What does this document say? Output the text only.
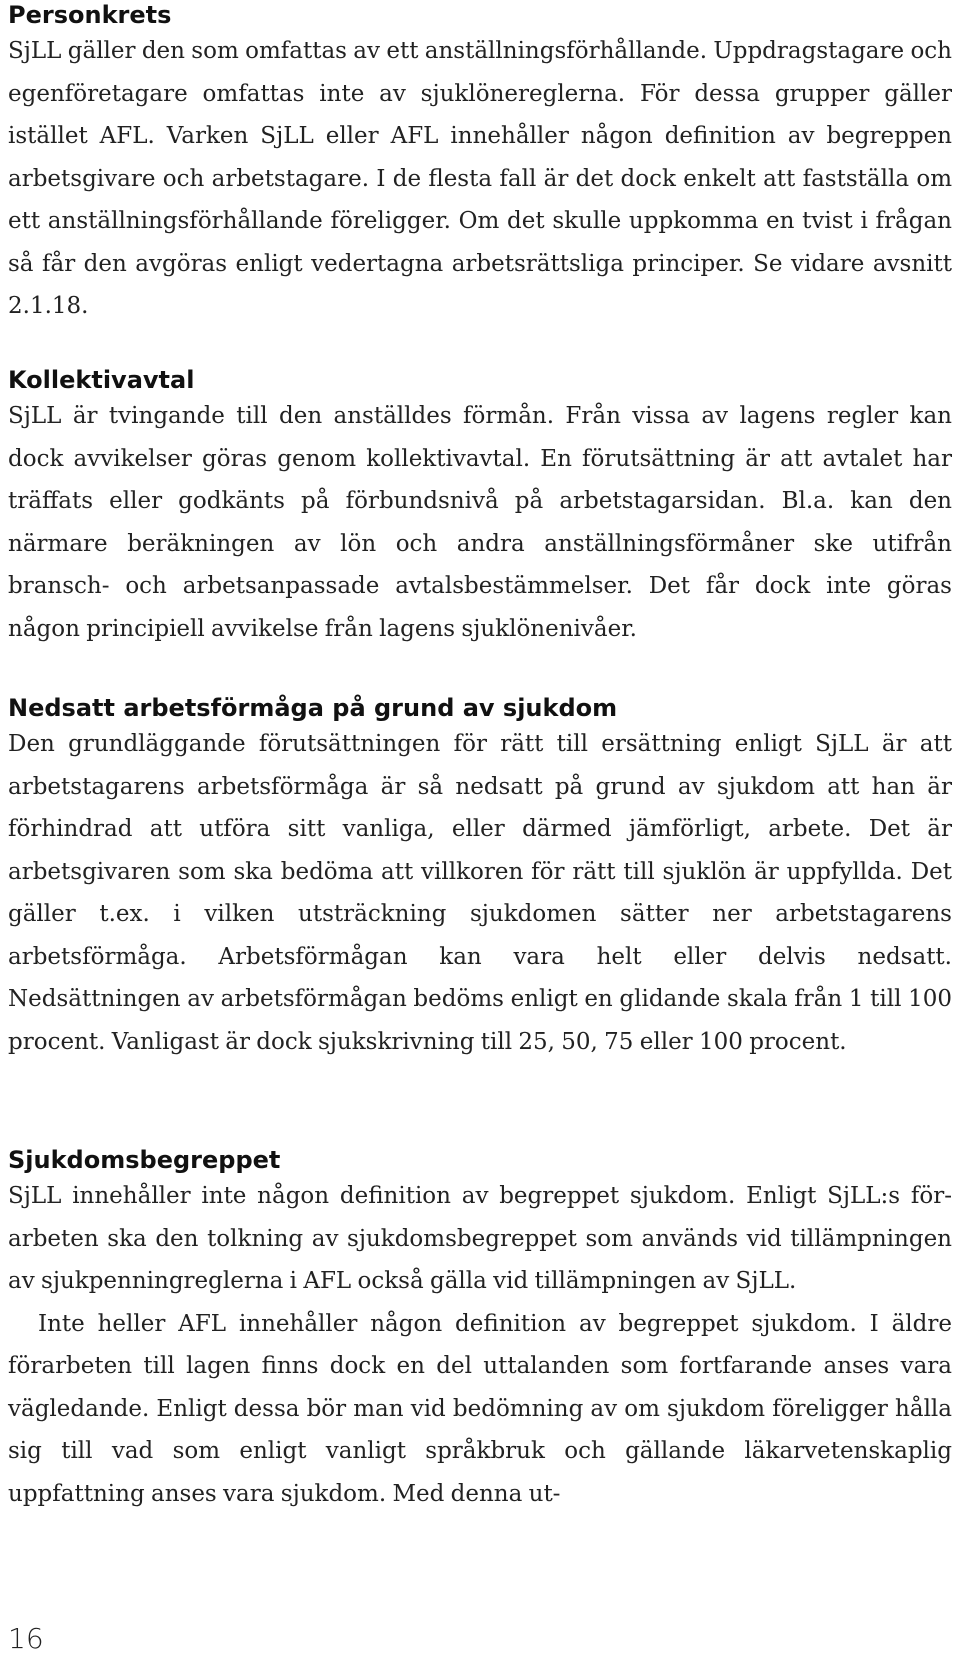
Personkrets

SjLL gäller den som omfattas av ett anställningsförhållande. Uppdragstagare och egenföretagare omfattas inte av sjuklönereglerna. För dessa grupper gäller istället AFL. Varken SjLL eller AFL innehåller någon definition av begreppen arbetsgivare och arbetstagare. I de flesta fall är det dock enkelt att fastställa om ett anställningsförhållande föreligger. Om det skulle uppkomma en tvist i frågan så får den avgöras enligt vedertagna arbetsrättsliga principer. Se vidare avsnitt 2.1.18.

Kollektivavtal

SjLL är tvingande till den anställdes förmån. Från vissa av lagens regler kan dock avvikelser göras genom kollektivavtal. En förutsättning är att avtalet har träffats eller godkänts på förbundsnivå på arbetstagarsidan. Bl.a. kan den närmare beräkningen av lön och andra anställningsförmåner ske utifrån bransch- och arbetsanpassade avtalsbestämmelser. Det får dock inte göras någon principiell avvikelse från lagens sjuklönenivåer.

Nedsatt arbetsförmåga på grund av sjukdom

Den grundläggande förutsättningen för rätt till ersättning enligt SjLL är att arbetstagarens arbetsförmåga är så nedsatt på grund av sjukdom att han är förhindrad att utföra sitt vanliga, eller därmed jämförligt, arbete. Det är arbetsgivaren som ska bedöma att villkoren för rätt till sjuklön är uppfyllda. Det gäller t.ex. i vilken utsträckning sjukdomen sätter ner arbetstagarens arbetsförmåga. Arbetsförmågan kan vara helt eller delvis nedsatt. Nedsättningen av arbetsförmågan bedöms enligt en glidande skala från 1 till 100 procent. Vanligast är dock sjukskrivning till 25, 50, 75 eller 100 procent.

Sjukdomsbegreppet

SjLL innehåller inte någon definition av begreppet sjukdom. Enligt SjLL:s förarbeten ska den tolkning av sjukdomsbegreppet som används vid tillämpningen av sjukpenningreglerna i AFL också gälla vid tillämpningen av SjLL.

Inte heller AFL innehåller någon definition av begreppet sjukdom. I äldre förarbeten till lagen finns dock en del uttalanden som fortfarande anses vara vägledande. Enligt dessa bör man vid bedömning av om sjukdom föreligger hålla sig till vad som enligt vanligt språkbruk och gällande läkarvetenskaplig uppfattning anses vara sjukdom. Med denna ut-

16
